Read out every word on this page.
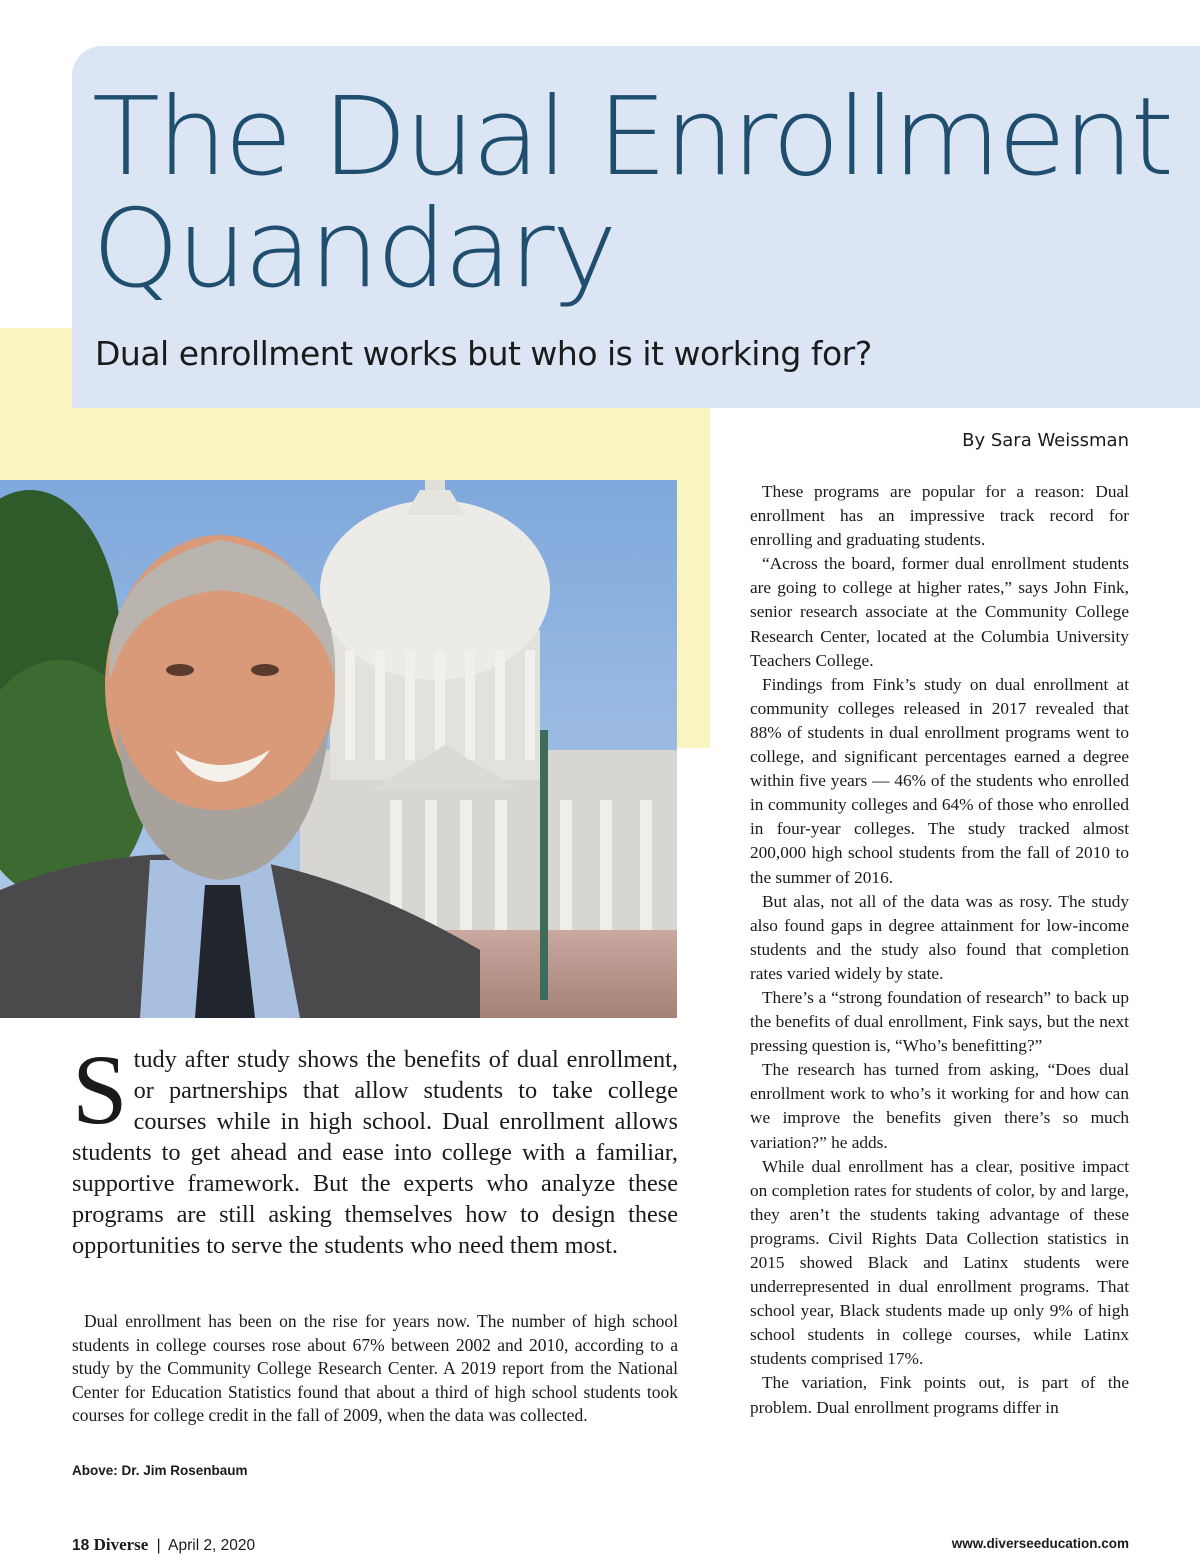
The Dual Enrollment
Quandary
Dual enrollment works but who is it working for?

By Sara Weissman

Study after study shows the benefits of dual enrollment, or partnerships that allow students to take college courses while in high school. Dual enrollment allows students to get ahead and ease into college with a familiar, supportive framework. But the experts who analyze these programs are still asking themselves how to design these opportunities to serve the students who need them most.

Dual enrollment has been on the rise for years now. The number of high school students in college courses rose about 67% between 2002 and 2010, according to a study by the Community College Research Center. A 2019 report from the National Center for Education Statistics found that about a third of high school students took courses for college credit in the fall of 2009, when the data was collected.

Above: Dr. Jim Rosenbaum

These programs are popular for a reason: Dual enrollment has an impressive track record for enrolling and graduating students.

“Across the board, former dual enrollment students are going to college at higher rates,” says John Fink, senior research associate at the Community College Research Center, located at the Columbia University Teachers College.

Findings from Fink’s study on dual enrollment at community colleges released in 2017 revealed that 88% of students in dual enrollment programs went to college, and significant percentages earned a degree within five years — 46% of the students who enrolled in community colleges and 64% of those who enrolled in four-year colleges. The study tracked almost 200,000 high school students from the fall of 2010 to the summer of 2016.

But alas, not all of the data was as rosy. The study also found gaps in degree attainment for low-income students and the study also found that completion rates varied widely by state.

There’s a “strong foundation of research” to back up the benefits of dual enrollment, Fink says, but the next pressing question is, “Who’s benefitting?”

The research has turned from asking, “Does dual enrollment work to who’s it working for and how can we improve the benefits given there’s so much variation?” he adds.

While dual enrollment has a clear, positive impact on completion rates for students of color, by and large, they aren’t the students taking advantage of these programs. Civil Rights Data Collection statistics in 2015 showed Black and Latinx students were underrepresented in dual enrollment programs. That school year, Black students made up only 9% of high school students in college courses, while Latinx students comprised 17%.

The variation, Fink points out, is part of the problem. Dual enrollment programs differ in

18 Diverse | April 2, 2020	www.diverseeducation.com
